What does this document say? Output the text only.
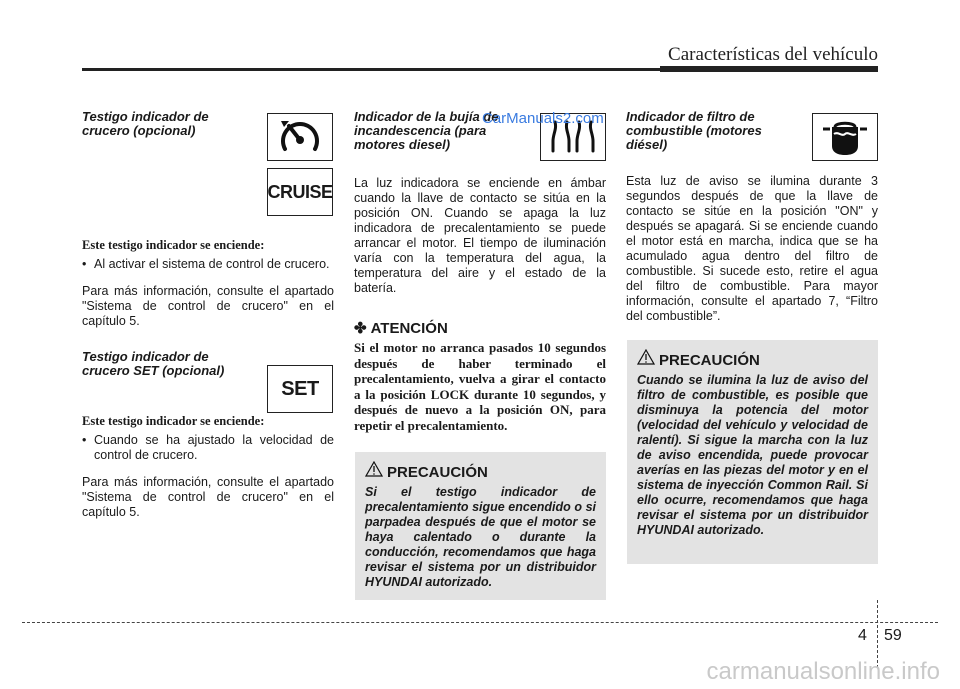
Características del vehículo
Testigo indicador de crucero (opcional)
Este testigo indicador se enciende:
• Al activar el sistema de control de crucero.
Para más información, consulte el apartado "Sistema de control de crucero" en el capítulo 5.
Testigo indicador de crucero SET (opcional)
Este testigo indicador se enciende:
• Cuando se ha ajustado la velocidad de control de crucero.
Para más información, consulte el apartado "Sistema de control de crucero" en el capítulo 5.
CRUISE
SET
Indicador de la bujía de incandescencia (para motores diesel)
La luz indicadora se enciende en ámbar cuando la llave de contacto se sitúa en la posición ON. Cuando se apaga la luz indicadora de precalentamiento se puede arrancar el motor. El tiempo de iluminación varía con la temperatura del agua, la temperatura del aire y el estado de la batería.
✤ ATENCIÓN
Si el motor no arranca pasados 10 segundos después de haber terminado el precalentamiento, vuelva a girar el contacto a la posición LOCK durante 10 segundos, y después de nuevo a la posición ON, para repetir el precalentamiento.
PRECAUCIÓN
Si el testigo indicador de precalentamiento sigue encendido o si parpadea después de que el motor se haya calentado o durante la conducción, recomendamos que haga revisar el sistema por un distribuidor HYUNDAI autorizado.
Indicador de filtro de combustible (motores diésel)
Esta luz de aviso se ilumina durante 3 segundos después de que la llave de contacto se sitúe en la posición "ON" y después se apagará. Si se enciende cuando el motor está en marcha, indica que se ha acumulado agua dentro del filtro de combustible. Si sucede esto, retire el agua del filtro de combustible. Para mayor información, consulte el apartado 7, “Filtro del combustible”.
PRECAUCIÓN
Cuando se ilumina la luz de aviso del filtro de combustible, es posible que disminuya la potencia del motor (velocidad del vehículo y velocidad de ralentí). Si sigue la marcha con la luz de aviso encendida, puede provocar averías en las piezas del motor y en el sistema de inyección Common Rail. Si ello ocurre, recomendamos que haga revisar el sistema por un distribuidor HYUNDAI autorizado.
CarManuals2.com
4 59
carmanualsonline.info
